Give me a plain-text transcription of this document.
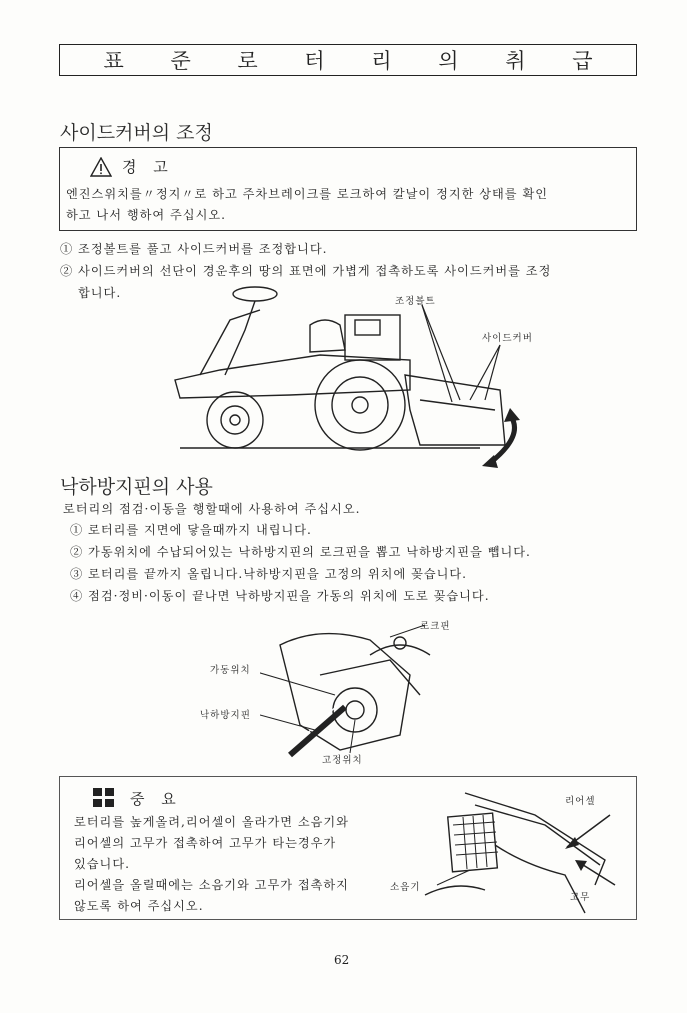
표 준 로 터 리 의 취 급
사이드커버의 조정
경 고
엔진스위치를〃정지〃로 하고 주차브레이크를 로크하여 칼날이 정지한 상태를 확인
하고 나서 행하여 주십시오.
① 조정볼트를 풀고 사이드커버를 조정합니다.
② 사이드커버의 선단이 경운후의 땅의 표면에 가볍게 접촉하도록 사이드커버를 조정
합니다.
조정볼트
사이드커버
낙하방지핀의 사용
로터리의 점검·이동을 행할때에 사용하여 주십시오.
① 로터리를 지면에 닿을때까지 내립니다.
② 가동위치에 수납되어있는 낙하방지핀의 로크핀을 뽑고 낙하방지핀을 뺍니다.
③ 로터리를 끝까지 올립니다.낙하방지핀을 고정의 위치에 꽂습니다.
④ 점검·정비·이동이 끝나면 낙하방지핀을 가동의 위치에 도로 꽂습니다.
로크핀
가동위치
낙하방지핀
고정위치
중 요
로터리를 높게올려,리어셀이 올라가면 소음기와
리어셀의 고무가 접촉하여 고무가 타는경우가
있습니다.
리어셀을 올릴때에는 소음기와 고무가 접촉하지
않도록 하여 주십시오.
리어셀
소음기
고무
62
